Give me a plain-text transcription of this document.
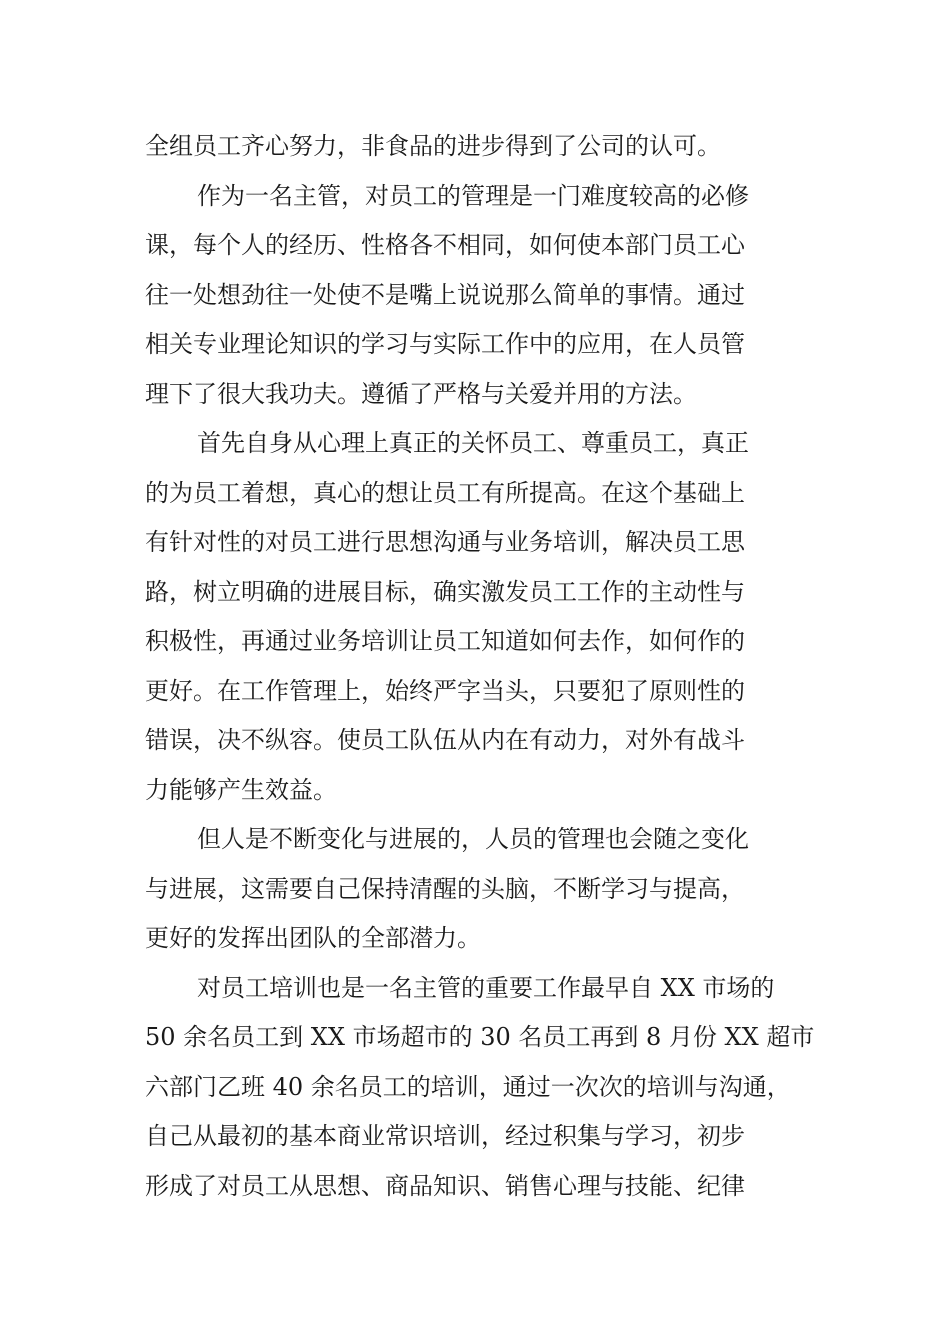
全组员工齐心努力，非食品的进步得到了公司的认可。
作为一名主管，对员工的管理是一门难度较高的必修
课，每个人的经历、性格各不相同，如何使本部门员工心
往一处想劲往一处使不是嘴上说说那么简单的事情。通过
相关专业理论知识的学习与实际工作中的应用，在人员管
理下了很大我功夫。遵循了严格与关爱并用的方法。
首先自身从心理上真正的关怀员工、尊重员工，真正
的为员工着想，真心的想让员工有所提高。在这个基础上
有针对性的对员工进行思想沟通与业务培训，解决员工思
路，树立明确的进展目标，确实激发员工工作的主动性与
积极性，再通过业务培训让员工知道如何去作，如何作的
更好。在工作管理上，始终严字当头，只要犯了原则性的
错误，决不纵容。使员工队伍从内在有动力，对外有战斗
力能够产生效益。
但人是不断变化与进展的，人员的管理也会随之变化
与进展，这需要自己保持清醒的头脑，不断学习与提高，
更好的发挥出团队的全部潜力。
对员工培训也是一名主管的重要工作最早自 XX 市场的
50 余名员工到 XX 市场超市的 30 名员工再到 8 月份 XX 超市
六部门乙班 40 余名员工的培训，通过一次次的培训与沟通，
自己从最初的基本商业常识培训，经过积集与学习，初步
形成了对员工从思想、商品知识、销售心理与技能、纪律
